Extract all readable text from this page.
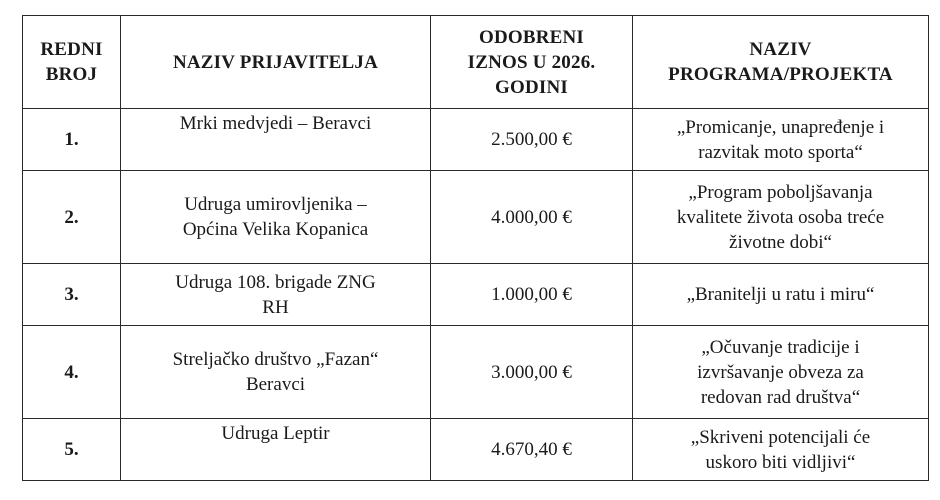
REDNI
BROJ	NAZIV PRIJAVITELJA	ODOBRENI
IZNOS U 2026.
GODINI	NAZIV
PROGRAMA/PROJEKTA

1.	Mrki medvjedi – Beravci	2.500,00 €	„Promicanje, unapređenje i
razvitak moto sporta“

2.	Udruga umirovljenika –
Općina Velika Kopanica	4.000,00 €	„Program poboljšavanja
kvalitete života osoba treće
životne dobi“

3.	Udruga 108. brigade ZNG
RH	1.000,00 €	„Branitelji u ratu i miru“

4.	Streljačko društvo „Fazan“
Beravci	3.000,00 €	„Očuvanje tradicije i
izvršavanje obveza za
redovan rad društva“

5.	Udruga Leptir	4.670,40 €	„Skriveni potencijali će
uskoro biti vidljivi“
